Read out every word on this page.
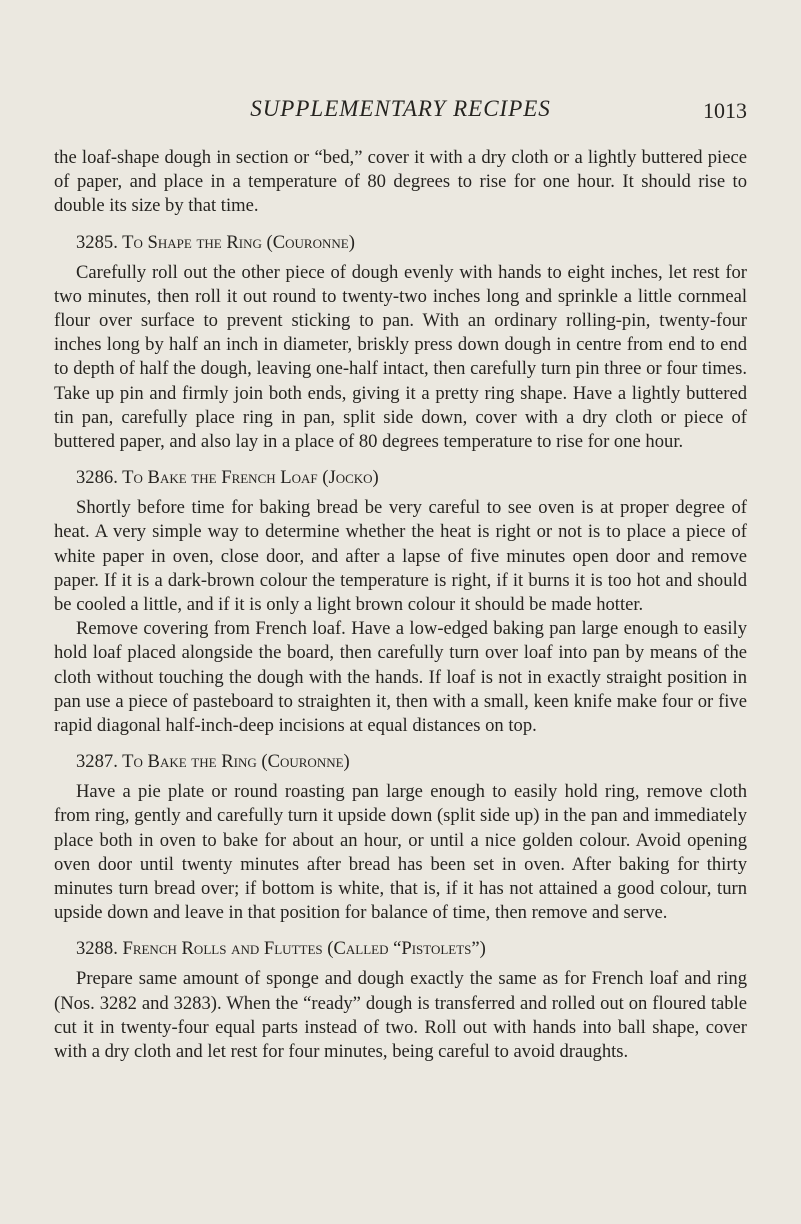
SUPPLEMENTARY RECIPES	1013

the loaf-shape dough in section or “bed,” cover it with a dry cloth or a lightly buttered piece of paper, and place in a temperature of 80 degrees to rise for one hour. It should rise to double its size by that time.

3285. To Shape the Ring (Couronne)

Carefully roll out the other piece of dough evenly with hands to eight inches, let rest for two minutes, then roll it out round to twenty-two inches long and sprinkle a little cornmeal flour over surface to prevent sticking to pan. With an ordinary rolling-pin, twenty-four inches long by half an inch in diameter, briskly press down dough in centre from end to end to depth of half the dough, leaving one-half intact, then carefully turn pin three or four times. Take up pin and firmly join both ends, giving it a pretty ring shape. Have a lightly buttered tin pan, carefully place ring in pan, split side down, cover with a dry cloth or piece of buttered paper, and also lay in a place of 80 degrees temperature to rise for one hour.

3286. To Bake the French Loaf (Jocko)

Shortly before time for baking bread be very careful to see oven is at proper degree of heat. A very simple way to determine whether the heat is right or not is to place a piece of white paper in oven, close door, and after a lapse of five minutes open door and remove paper. If it is a dark-brown colour the temperature is right, if it burns it is too hot and should be cooled a little, and if it is only a light brown colour it should be made hotter.

Remove covering from French loaf. Have a low-edged baking pan large enough to easily hold loaf placed alongside the board, then carefully turn over loaf into pan by means of the cloth without touching the dough with the hands. If loaf is not in exactly straight position in pan use a piece of pasteboard to straighten it, then with a small, keen knife make four or five rapid diagonal half-inch-deep incisions at equal distances on top.

3287. To Bake the Ring (Couronne)

Have a pie plate or round roasting pan large enough to easily hold ring, remove cloth from ring, gently and carefully turn it upside down (split side up) in the pan and immediately place both in oven to bake for about an hour, or until a nice golden colour. Avoid opening oven door until twenty minutes after bread has been set in oven. After baking for thirty minutes turn bread over; if bottom is white, that is, if it has not attained a good colour, turn upside down and leave in that position for balance of time, then remove and serve.

3288. French Rolls and Fluttes (Called “Pistolets”)

Prepare same amount of sponge and dough exactly the same as for French loaf and ring (Nos. 3282 and 3283). When the “ready” dough is transferred and rolled out on floured table cut it in twenty-four equal parts instead of two. Roll out with hands into ball shape, cover with a dry cloth and let rest for four minutes, being careful to avoid draughts.
